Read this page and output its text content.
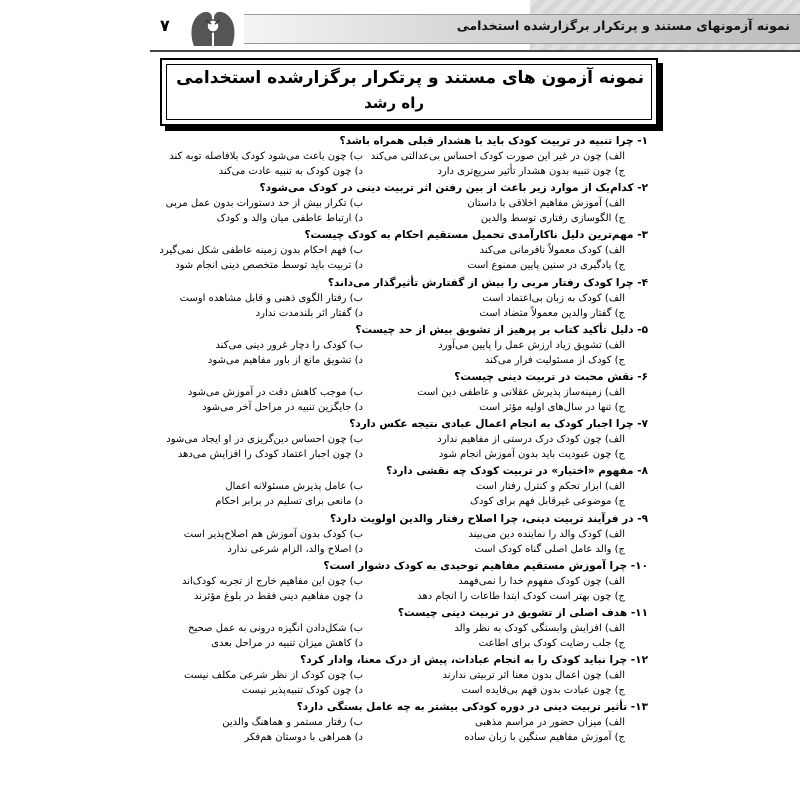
نمونه آزمونهای مستند و پرتکرار برگزارشده استخدامی
۷
نمونه آزمون های مستند و پرتکرار برگزارشده استخدامی
راه رشد
۱- چرا تنبیه در تربیت کودک باید با هشدار قبلی همراه باشد؟
الف) چون در غیر این صورت کودک احساس بی‌عدالتی می‌کند
ب) چون باعث می‌شود کودک بلافاصله توبه کند
ج) چون تنبیه بدون هشدار تأثیر سریع‌تری دارد
د) چون کودک به تنبیه عادت می‌کند
۲- کدام‌یک از موارد زیر باعث از بین رفتن اثر تربیت دینی در کودک می‌شود؟
الف) آموزش مفاهیم اخلاقی با داستان
ب) تکرار بیش از حد دستورات بدون عمل مربی
ج) الگوسازی رفتاری توسط والدین
د) ارتباط عاطفی میان والد و کودک
۳- مهم‌ترین دلیل ناکارآمدی تحمیل مستقیم احکام به کودک چیست؟
الف) کودک معمولاً نافرمانی می‌کند
ب) فهم احکام بدون زمینه عاطفی شکل نمی‌گیرد
ج) یادگیری در سنین پایین ممنوع است
د) تربیت باید توسط متخصص دینی انجام شود
۴- چرا کودک رفتار مربی را بیش از گفتارش تأثیرگذار می‌داند؟
الف) کودک به زبان بی‌اعتماد است
ب) رفتار الگوی ذهنی و قابل مشاهده اوست
ج) گفتار والدین معمولاً متضاد است
د) گفتار اثر بلندمدت ندارد
۵- دلیل تأکید کتاب بر پرهیز از تشویق بیش از حد چیست؟
الف) تشویق زیاد ارزش عمل را پایین می‌آورد
ب) کودک را دچار غرور دینی می‌کند
ج) کودک از مسئولیت فرار می‌کند
د) تشویق مانع از باور مفاهیم می‌شود
۶- نقش محبت در تربیت دینی چیست؟
الف) زمینه‌ساز پذیرش عقلانی و عاطفی دین است
ب) موجب کاهش دقت در آموزش می‌شود
ج) تنها در سال‌های اولیه مؤثر است
د) جایگزین تنبیه در مراحل آخر می‌شود
۷- چرا اجبار کودک به انجام اعمال عبادی نتیجه عکس دارد؟
الف) چون کودک درک درستی از مفاهیم ندارد
ب) چون احساس دین‌گریزی در او ایجاد می‌شود
ج) چون عبودیت باید بدون آموزش انجام شود
د) چون اجبار اعتماد کودک را افزایش می‌دهد
۸- مفهوم «اختیار» در تربیت کودک چه نقشی دارد؟
الف) ابزار تحکم و کنترل رفتار است
ب) عامل پذیرش مسئولانه اعمال
ج) موضوعی غیرقابل فهم برای کودک
د) مانعی برای تسلیم در برابر احکام
۹- در فرآیند تربیت دینی، چرا اصلاح رفتار والدین اولویت دارد؟
الف) کودک والد را نماینده دین می‌بیند
ب) کودک بدون آموزش هم اصلاح‌پذیر است
ج) والد عامل اصلی گناه کودک است
د) اصلاح والد، الزام شرعی ندارد
۱۰- چرا آموزش مستقیم مفاهیم توحیدی به کودک دشوار است؟
الف) چون کودک مفهوم خدا را نمی‌فهمد
ب) چون این مفاهیم خارج از تجربه کودک‌اند
ج) چون بهتر است کودک ابتدا طاعات را انجام دهد
د) چون مفاهیم دینی فقط در بلوغ مؤثرند
۱۱- هدف اصلی از تشویق در تربیت دینی چیست؟
الف) افزایش وابستگی کودک به نظر والد
ب) شکل‌دادن انگیزه درونی به عمل صحیح
ج) جلب رضایت کودک برای اطاعت
د) کاهش میزان تنبیه در مراحل بعدی
۱۲- چرا نباید کودک را به انجام عبادات، پیش از درک معنا، وادار کرد؟
الف) چون اعمال بدون معنا اثر تربیتی ندارند
ب) چون کودک از نظر شرعی مکلف نیست
ج) چون عبادت بدون فهم بی‌فایده است
د) چون کودک تنبیه‌پذیر نیست
۱۳- تأثیر تربیت دینی در دوره کودکی بیشتر به چه عامل بستگی دارد؟
الف) میزان حضور در مراسم مذهبی
ب) رفتار مستمر و هماهنگ والدین
ج) آموزش مفاهیم سنگین با زبان ساده
د) همراهی با دوستان هم‌فکر
